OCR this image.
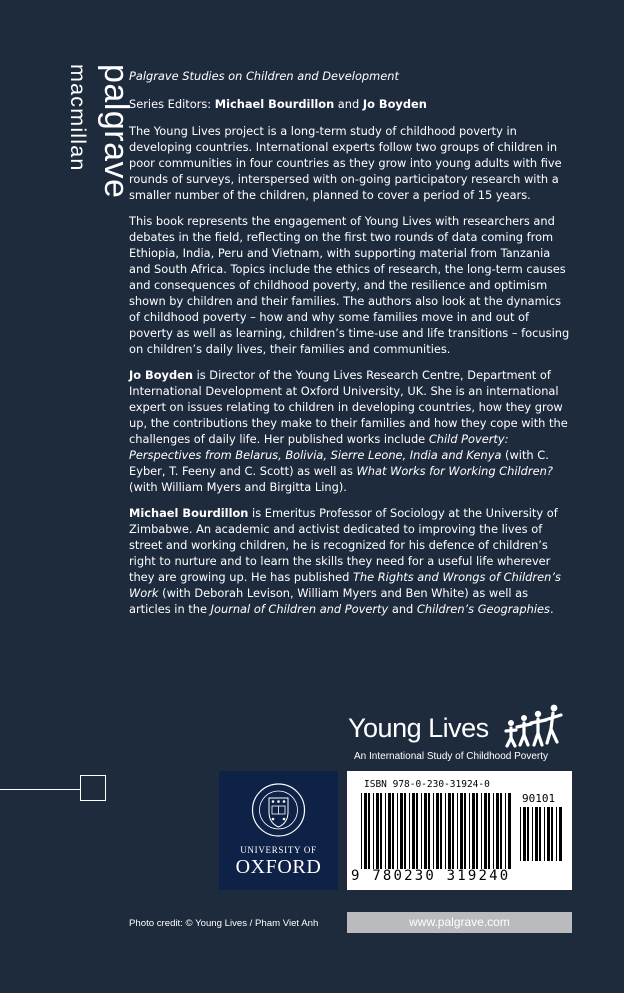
palgrave
macmillan	Palgrave Studies on Children and Development

Series Editors: Michael Bourdillon and Jo Boyden

The Young Lives project is a long-term study of childhood poverty in developing countries. International experts follow two groups of children in poor communities in four countries as they grow into young adults with five rounds of surveys, interspersed with on-going participatory research with a smaller number of the children, planned to cover a period of 15 years.

This book represents the engagement of Young Lives with researchers and debates in the field, reflecting on the first two rounds of data coming from Ethiopia, India, Peru and Vietnam, with supporting material from Tanzania and South Africa. Topics include the ethics of research, the long-term causes and consequences of childhood poverty, and the resilience and optimism shown by children and their families. The authors also look at the dynamics of childhood poverty – how and why some families move in and out of poverty as well as learning, children’s time-use and life transitions – focusing on children’s daily lives, their families and communities.

Jo Boyden is Director of the Young Lives Research Centre, Department of International Development at Oxford University, UK. She is an international expert on issues relating to children in developing countries, how they grow up, the contributions they make to their families and how they cope with the challenges of daily life. Her published works include Child Poverty: Perspectives from Belarus, Bolivia, Sierre Leone, India and Kenya (with C. Eyber, T. Feeny and C. Scott) as well as What Works for Working Children? (with William Myers and Birgitta Ling).

Michael Bourdillon is Emeritus Professor of Sociology at the University of Zimbabwe. An academic and activist dedicated to improving the lives of street and working children, he is recognized for his defence of children’s right to nurture and to learn the skills they need for a useful life wherever they are growing up. He has published The Rights and Wrongs of Children’s Work (with Deborah Levison, William Myers and Ben White) as well as articles in the Journal of Children and Poverty and Children’s Geographies.

Young Lives
An International Study of Childhood Poverty
UNIVERSITY OF
OXFORD
ISBN 978-0-230-31924-0
90101
9 780230 319240
Photo credit: © Young Lives / Pham Viet Anh	www.palgrave.com
